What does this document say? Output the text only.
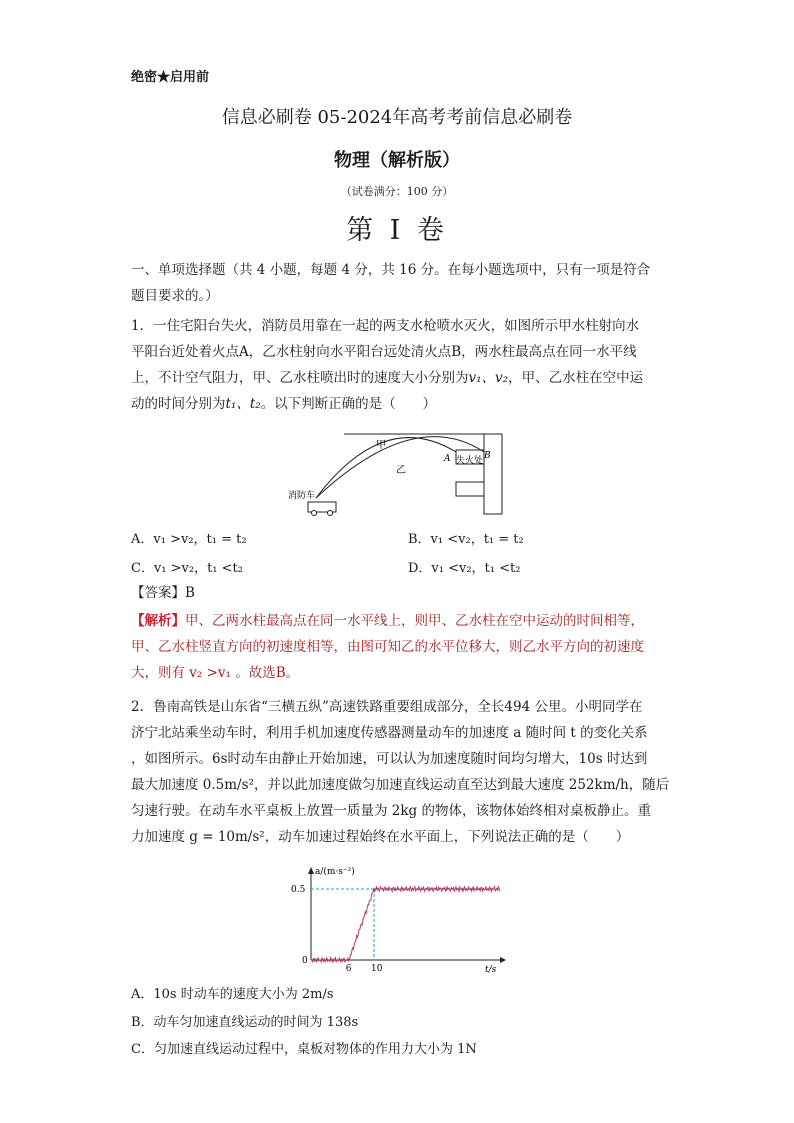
绝密★启用前
信息必刷卷 05-2024年高考考前信息必刷卷
物理（解析版）
（试卷满分：100 分）
第 I 卷
一、单项选择题（共 4 小题，每题 4 分，共 16 分。在每小题选项中，只有一项是符合
题目要求的。）
1．一住宅阳台失火，消防员用靠在一起的两支水枪喷水灭火，如图所示甲水柱射向水
平阳台近处着火点A，乙水柱射向水平阳台远处清火点B，两水柱最高点在同一水平线
上，不计空气阻力，甲、乙水柱喷出时的速度大小分别为v₁、v₂，甲、乙水柱在空中运
动的时间分别为t₁、t₂。以下判断正确的是（　　）
甲
乙
A	B
失火处
消防车
A．v₁ >v₂，t₁ = t₂	B．v₁ <v₂，t₁ = t₂
C．v₁ >v₂，t₁ <t₂	D．v₁ <v₂，t₁ <t₂
【答案】B
【解析】甲、乙两水柱最高点在同一水平线上，则甲、乙水柱在空中运动的时间相等，
甲、乙水柱竖直方向的初速度相等，由图可知乙的水平位移大，则乙水平方向的初速度
大，则有 v₂ >v₁ 。故选B。
2．鲁南高铁是山东省“三横五纵”高速铁路重要组成部分，全长494 公里。小明同学在
济宁北站乘坐动车时，利用手机加速度传感器测量动车的加速度 a 随时间 t 的变化关系
，如图所示。6s时动车由静止开始加速，可以认为加速度随时间均匀增大，10s 时达到
最大加速度 0.5m/s²，并以此加速度做匀加速直线运动直至达到最大速度 252km/h，随后
匀速行驶。在动车水平桌板上放置一质量为 2kg 的物体，该物体始终相对桌板静止。重
力加速度 g = 10m/s²，动车加速过程始终在水平面上，下列说法正确的是（　　）
a/(m·s⁻²)
t/s
6 10
0
0.5
A．10s 时动车的速度大小为 2m/s
B．动车匀加速直线运动的时间为 138s
C．匀加速直线运动过程中，桌板对物体的作用力大小为 1N
